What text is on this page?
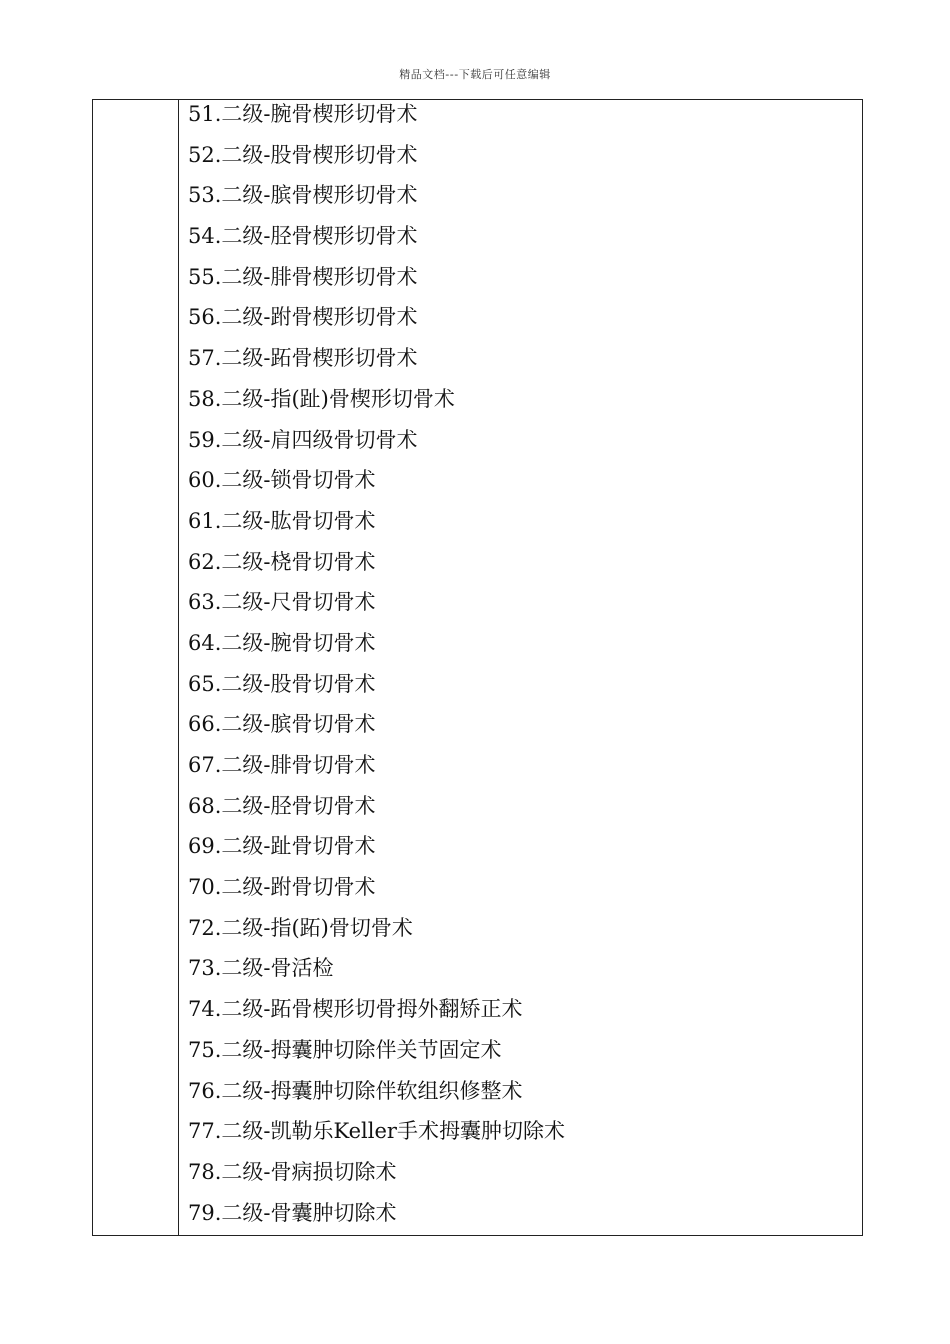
精品文档---下载后可任意编辑
51.二级-腕骨楔形切骨术
52.二级-股骨楔形切骨术
53.二级-膑骨楔形切骨术
54.二级-胫骨楔形切骨术
55.二级-腓骨楔形切骨术
56.二级-跗骨楔形切骨术
57.二级-跖骨楔形切骨术
58.二级-指(趾)骨楔形切骨术
59.二级-肩四级骨切骨术
60.二级-锁骨切骨术
61.二级-肱骨切骨术
62.二级-桡骨切骨术
63.二级-尺骨切骨术
64.二级-腕骨切骨术
65.二级-股骨切骨术
66.二级-膑骨切骨术
67.二级-腓骨切骨术
68.二级-胫骨切骨术
69.二级-趾骨切骨术
70.二级-跗骨切骨术
72.二级-指(跖)骨切骨术
73.二级-骨活检
74.二级-跖骨楔形切骨拇外翻矫正术
75.二级-拇囊肿切除伴关节固定术
76.二级-拇囊肿切除伴软组织修整术
77.二级-凯勒乐Keller手术拇囊肿切除术
78.二级-骨病损切除术
79.二级-骨囊肿切除术
